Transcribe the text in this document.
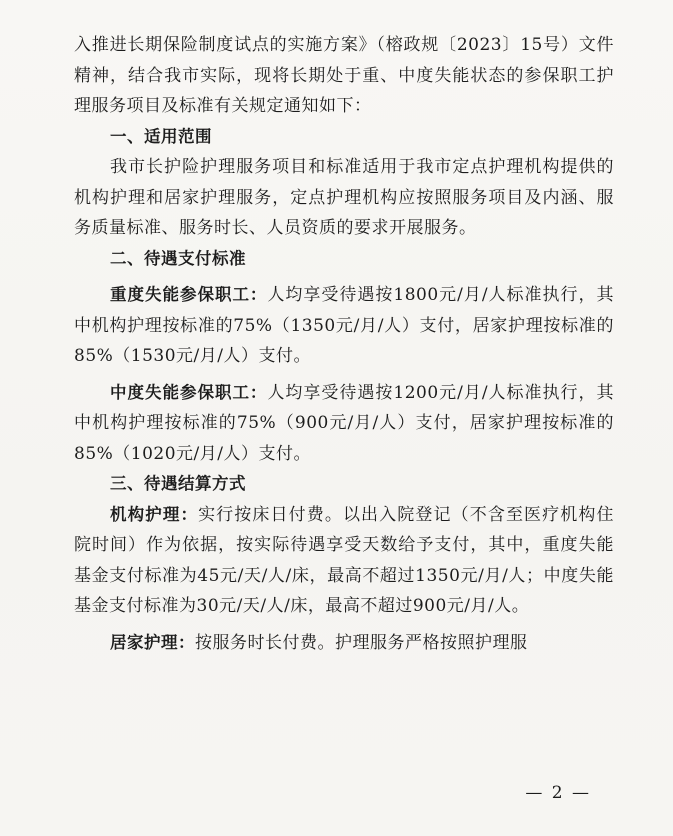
入推进长期保险制度试点的实施方案》（榕政规〔2023〕15号）文件精神，结合我市实际，现将长期处于重、中度失能状态的参保职工护理服务项目及标准有关规定通知如下：

一、适用范围

我市长护险护理服务项目和标准适用于我市定点护理机构提供的机构护理和居家护理服务，定点护理机构应按照服务项目及内涵、服务质量标准、服务时长、人员资质的要求开展服务。

二、待遇支付标准

重度失能参保职工：人均享受待遇按1800元/月/人标准执行，其中机构护理按标准的75%（1350元/月/人）支付，居家护理按标准的85%（1530元/月/人）支付。

中度失能参保职工：人均享受待遇按1200元/月/人标准执行，其中机构护理按标准的75%（900元/月/人）支付，居家护理按标准的85%（1020元/月/人）支付。

三、待遇结算方式

机构护理：实行按床日付费。以出入院登记（不含至医疗机构住院时间）作为依据，按实际待遇享受天数给予支付，其中，重度失能基金支付标准为45元/天/人/床，最高不超过1350元/月/人；中度失能基金支付标准为30元/天/人/床，最高不超过900元/月/人。

居家护理：按服务时长付费。护理服务严格按照护理服

— 2 —
